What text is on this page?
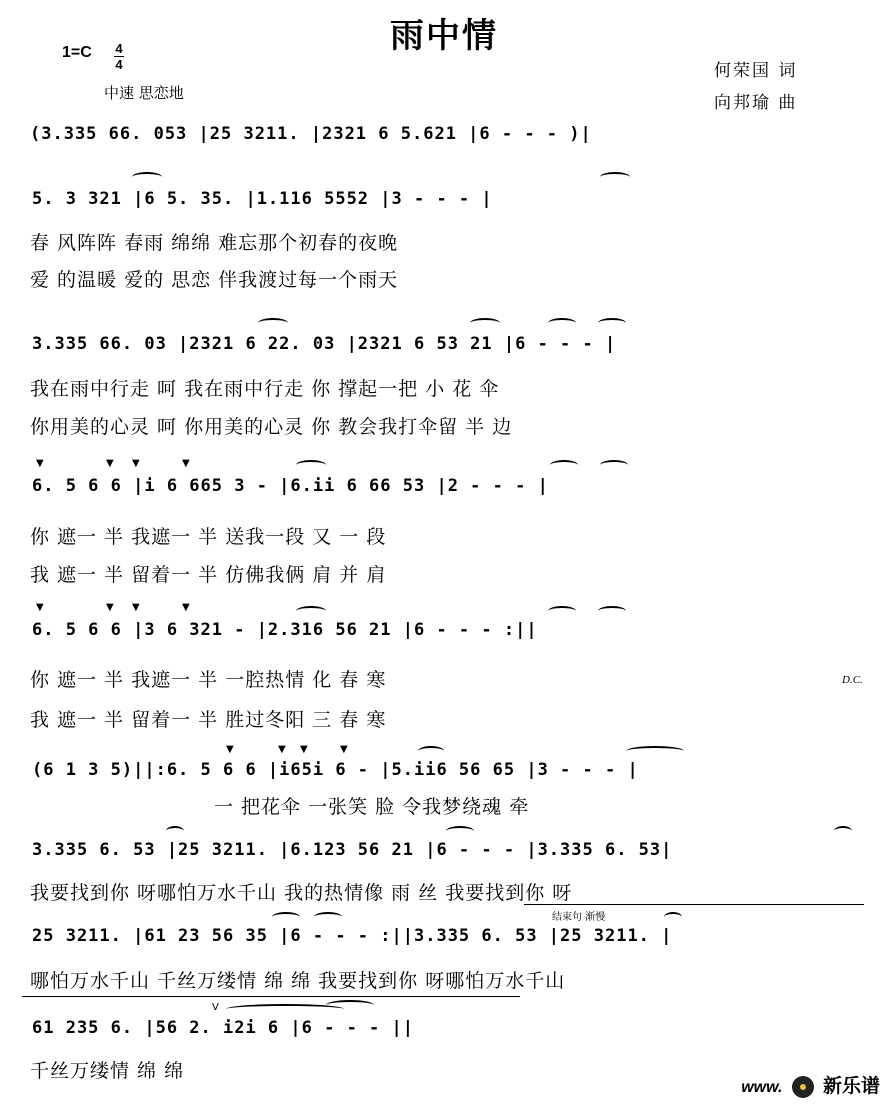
雨中情
1=C 4
4
中速 思恋地
何荣国 词
向邦瑜 曲
(3.335 66. 053 |25 3211. |2321 6 5.621 |6 - - - )|
5. 3 321 |6 5. 35. |1.116 5552 |3 - - - |
春 风阵阵 春雨 绵绵 难忘那个初春的夜晚
爱 的温暖 爱的 思恋 伴我渡过每一个雨天
3.335 66. 03 |2321 6 22. 03 |2321 6 53 21 |6 - - - |
我在雨中行走 呵 我在雨中行走 你 撑起一把 小 花 伞
你用美的心灵 呵 你用美的心灵 你 教会我打伞留 半 边
▼	▼ ▼	▼
6. 5 6 6 |i 6 665 3 - |6.ii 6 66 53 |2 - - - |
你 遮一 半 我遮一 半 送我一段 又 一 段
我 遮一 半 留着一 半 仿佛我俩 肩 并 肩
▼	▼ ▼	▼
6. 5 6 6 |3 6 321 - |2.316 56 21 |6 - - - :||
你 遮一 半 我遮一 半 一腔热情 化 春 寒
我 遮一 半 留着一 半 胜过冬阳 三 春 寒
D.C.
▼	▼ ▼	▼
(6 1 3 5)||:6. 5 6 6 |i65i 6 - |5.ii6 56 65 |3 - - - |
一 把花伞 一张笑 脸 令我梦绕魂 牵
3.335 6. 53 |25 3211. |6.123 56 21 |6 - - - |3.335 6. 53|
我要找到你 呀哪怕万水千山 我的热情像 雨 丝 我要找到你 呀
结束句 渐慢
25 3211. |61 23 56 35 |6 - - - :||3.335 6. 53 |25 3211. |
哪怕万水千山 千丝万缕情 绵 绵 我要找到你 呀哪怕万水千山
V
61 235 6. |56 2. i2i 6 |6 - - - ||
千丝万缕情 绵 绵
www. 新乐谱
